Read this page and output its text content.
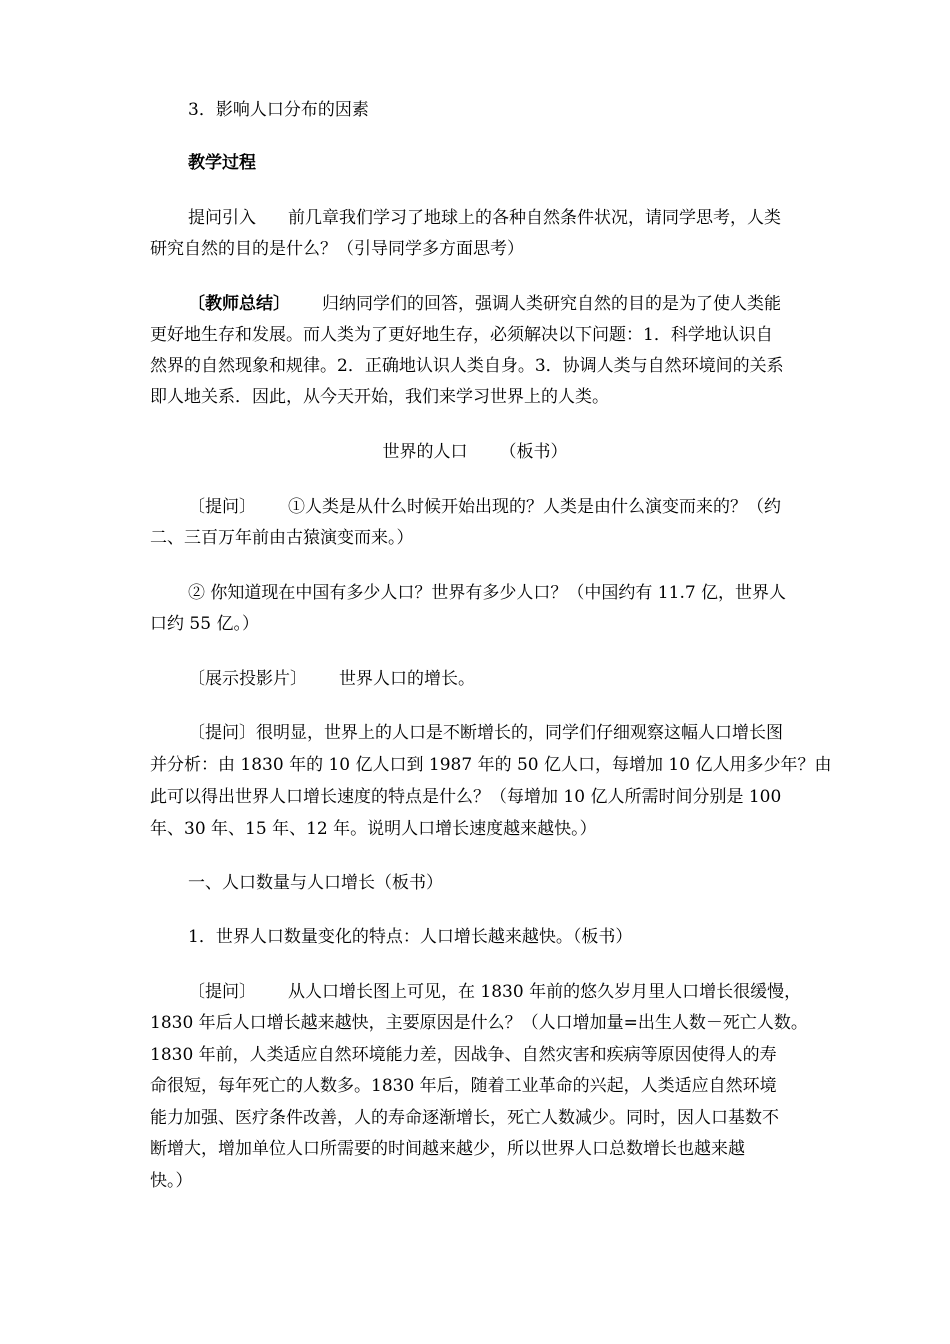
3．影响人口分布的因素
教学过程
提问引入 前几章我们学习了地球上的各种自然条件状况，请同学思考，人类
研究自然的目的是什么？（引导同学多方面思考）
〔教师总结〕 归纳同学们的回答，强调人类研究自然的目的是为了使人类能
更好地生存和发展。而人类为了更好地生存，必须解决以下问题：1．科学地认识自
然界的自然现象和规律。2．正确地认识人类自身。3．协调人类与自然环境间的关系
即人地关系．因此，从今天开始，我们来学习世界上的人类。
世界的人口 （板书）
〔提问〕 ①人类是从什么时候开始出现的？人类是由什么演变而来的？（约
二、三百万年前由古猿演变而来。）
② 你知道现在中国有多少人口？世界有多少人口？（中国约有 11.7 亿，世界人
口约 55 亿。）
〔展示投影片〕 世界人口的增长。
〔提问〕很明显，世界上的人口是不断增长的，同学们仔细观察这幅人口增长图
并分析：由 1830 年的 10 亿人口到 1987 年的 50 亿人口，每增加 10 亿人用多少年？由
此可以得出世界人口增长速度的特点是什么？（每增加 10 亿人所需时间分别是 100
年、30 年、15 年、12 年。说明人口增长速度越来越快。）
一、人口数量与人口增长（板书）
1．世界人口数量变化的特点：人口增长越来越快。（板书）
〔提问〕 从人口增长图上可见，在 1830 年前的悠久岁月里人口增长很缓慢，
1830 年后人口增长越来越快，主要原因是什么？（人口增加量=出生人数－死亡人数。
1830 年前，人类适应自然环境能力差，因战争、自然灾害和疾病等原因使得人的寿
命很短，每年死亡的人数多。1830 年后，随着工业革命的兴起，人类适应自然环境
能力加强、医疗条件改善，人的寿命逐渐增长，死亡人数减少。同时，因人口基数不
断增大，增加单位人口所需要的时间越来越少，所以世界人口总数增长也越来越
快。）
